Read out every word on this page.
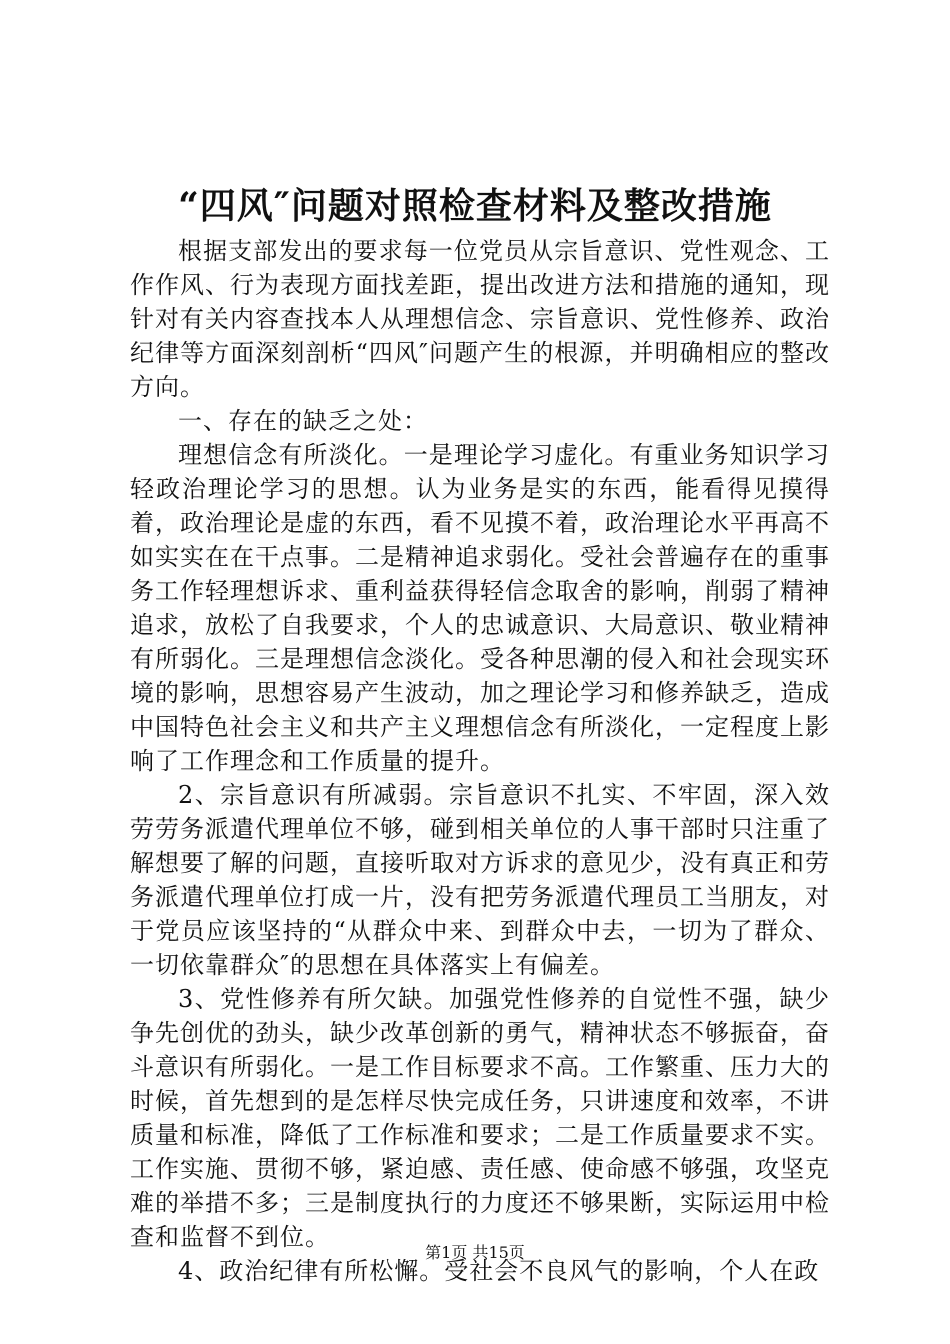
“四风″问题对照检查材料及整改措施

根据支部发出的要求每一位党员从宗旨意识、党性观念、工作作风、行为表现方面找差距，提出改进方法和措施的通知，现针对有关内容查找本人从理想信念、宗旨意识、党性修养、政治纪律等方面深刻剖析“四风″问题产生的根源，并明确相应的整改方向。

一、存在的缺乏之处：

理想信念有所淡化。一是理论学习虚化。有重业务知识学习轻政治理论学习的思想。认为业务是实的东西，能看得见摸得着，政治理论是虚的东西，看不见摸不着，政治理论水平再高不如实实在在干点事。二是精神追求弱化。受社会普遍存在的重事务工作轻理想诉求、重利益获得轻信念取舍的影响，削弱了精神追求，放松了自我要求，个人的忠诚意识、大局意识、敬业精神有所弱化。三是理想信念淡化。受各种思潮的侵入和社会现实环境的影响，思想容易产生波动，加之理论学习和修养缺乏，造成中国特色社会主义和共产主义理想信念有所淡化，一定程度上影响了工作理念和工作质量的提升。

2、宗旨意识有所减弱。宗旨意识不扎实、不牢固，深入效劳劳务派遣代理单位不够，碰到相关单位的人事干部时只注重了解想要了解的问题，直接听取对方诉求的意见少，没有真正和劳务派遣代理单位打成一片，没有把劳务派遣代理员工当朋友，对于党员应该坚持的“从群众中来、到群众中去，一切为了群众、一切依靠群众″的思想在具体落实上有偏差。

3、党性修养有所欠缺。加强党性修养的自觉性不强，缺少争先创优的劲头，缺少改革创新的勇气，精神状态不够振奋，奋斗意识有所弱化。一是工作目标要求不高。工作繁重、压力大的时候，首先想到的是怎样尽快完成任务，只讲速度和效率，不讲质量和标准，降低了工作标准和要求；二是工作质量要求不实。工作实施、贯彻不够，紧迫感、责任感、使命感不够强，攻坚克难的举措不多；三是制度执行的力度还不够果断，实际运用中检查和监督不到位。

4、政治纪律有所松懈。受社会不良风气的影响，个人在政

第1页 共15页
